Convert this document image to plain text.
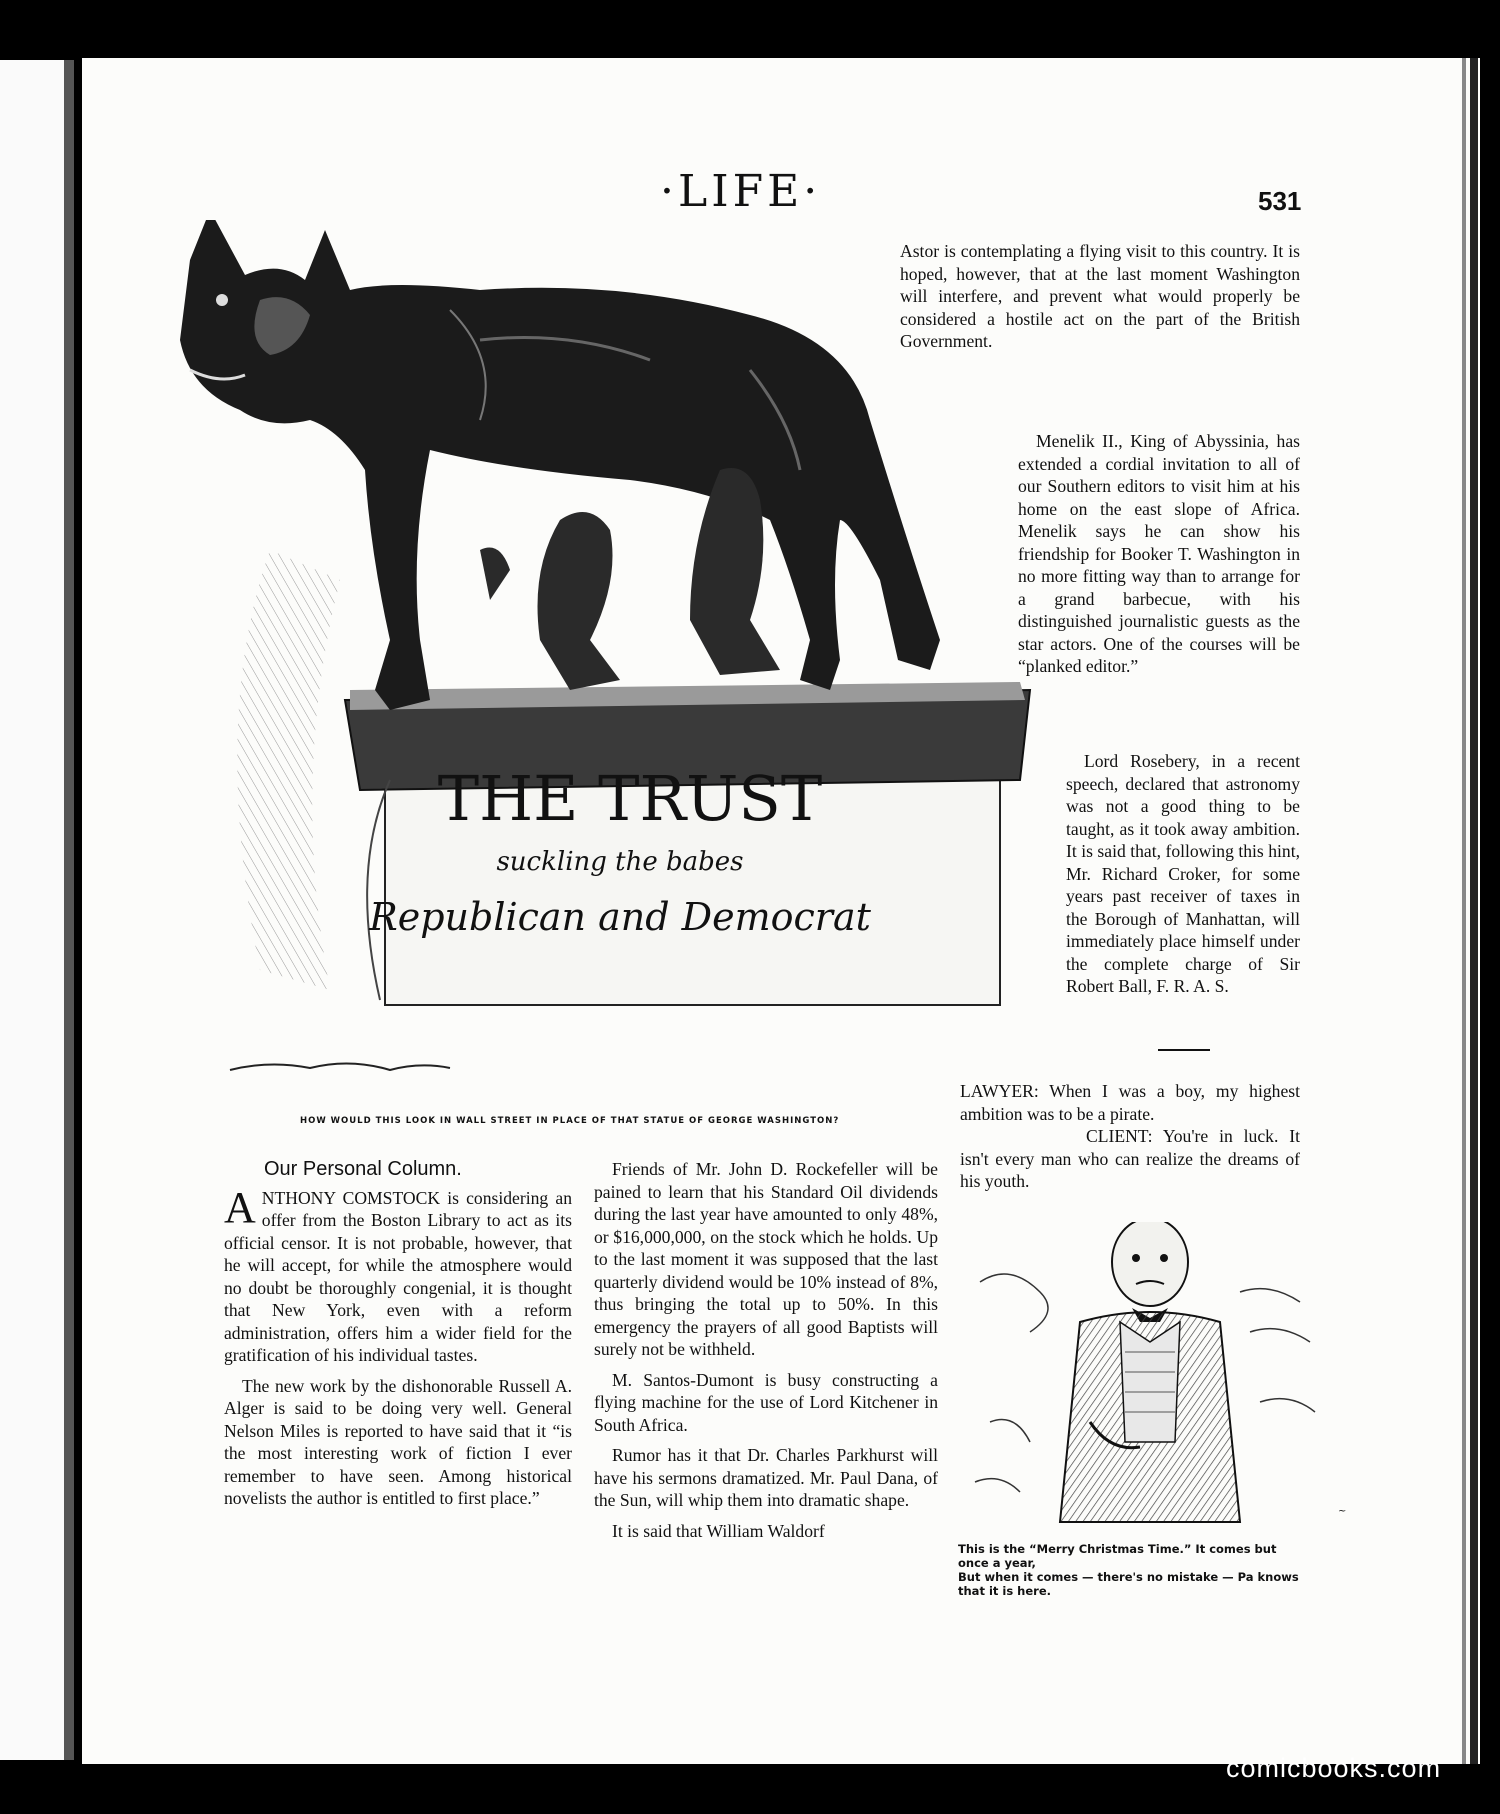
·LIFE·	531
THE TRUST
suckling the babes
Republican and Democrat
HOW WOULD THIS LOOK IN WALL STREET IN PLACE OF THAT STATUE OF GEORGE WASHINGTON?

Astor is contemplating a flying visit to this country. It is hoped, however, that at the last moment Washington will interfere, and prevent what would properly be considered a hostile act on the part of the British Government.

Menelik II., King of Abyssinia, has extended a cordial invitation to all of our Southern editors to visit him at his home on the east slope of Africa. Menelik says he can show his friendship for Booker T. Washington in no more fitting way than to arrange for a grand barbecue, with his distinguished journalistic guests as the star actors. One of the courses will be “planked editor.”

Lord Rosebery, in a recent speech, declared that astronomy was not a good thing to be taught, as it took away ambition. It is said that, following this hint, Mr. Richard Croker, for some years past receiver of taxes in the Borough of Manhattan, will immediately place himself under the complete charge of Sir Robert Ball, F. R. A. S.

LAWYER: When I was a boy, my highest ambition was to be a pirate.

CLIENT: You're in luck. It isn't every man who can realize the dreams of his youth.

Our Personal Column.

ANTHONY COMSTOCK is considering an offer from the Boston Library to act as its official censor. It is not probable, however, that he will accept, for while the atmosphere would no doubt be thoroughly congenial, it is thought that New York, even with a reform administration, offers him a wider field for the gratification of his individual tastes.

The new work by the dishonorable Russell A. Alger is said to be doing very well. General Nelson Miles is reported to have said that it “is the most interesting work of fiction I ever remember to have seen. Among historical novelists the author is entitled to first place.”

Friends of Mr. John D. Rockefeller will be pained to learn that his Standard Oil dividends during the last year have amounted to only 48%, or $16,000,000, on the stock which he holds. Up to the last moment it was supposed that the last quarterly dividend would be 10% instead of 8%, thus bringing the total up to 50%. In this emergency the prayers of all good Baptists will surely not be withheld.

M. Santos-Dumont is busy constructing a flying machine for the use of Lord Kitchener in South Africa.

Rumor has it that Dr. Charles Parkhurst will have his sermons dramatized. Mr. Paul Dana, of the Sun, will whip them into dramatic shape.

It is said that William Waldorf

~
This is the “Merry Christmas Time.” It comes but once a year,
But when it comes — there's no mistake — Pa knows that it is here.
comicbooks.com
